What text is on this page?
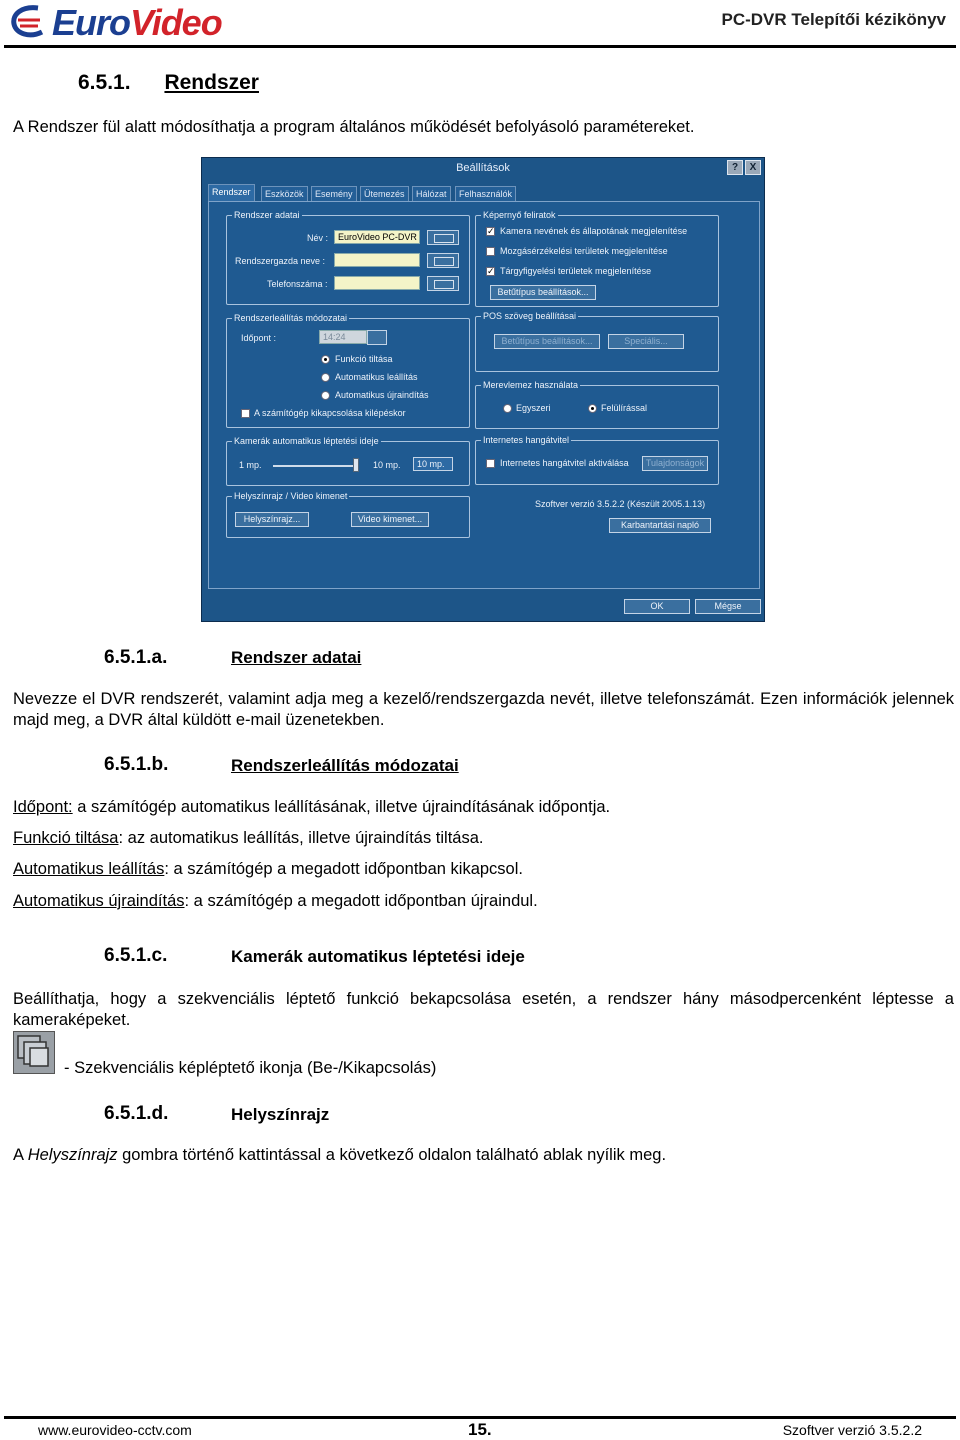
EuroVideo	PC-DVR Telepítői kézikönyv
6.5.1. Rendszer
A Rendszer fül alatt módosíthatja a program általános működését befolyásoló paramétereket.
Beállítások	?	X
Rendszer	Eszközök	Esemény	Ütemezés	Hálózat	Felhasználók
Rendszer adatai
Név :	EuroVideo PC-DVR
Rendszergazda neve :
Telefonszáma :
Rendszerleállítás módozatai
Időpont :	14:24
Funkció tiltása
Automatikus leállítás
Automatikus újraindítás
A számítógép kikapcsolása kilépéskor
Kamerák automatikus léptetési ideje
1 mp.	10 mp.	10 mp.
Helyszínrajz / Video kimenet
Helyszínrajz...	Video kimenet...
Képernyő feliratok
✓ Kamera nevének és állapotának megjelenítése
Mozgásérzékelési területek megjelenítése
✓ Tárgyfigyelési területek megjelenítése
Betűtípus beállítások...
POS szöveg beállításai
Betűtípus beállítások...	Speciális...
Merevlemez használata
Egyszeri	Felülírással
Internetes hangátvitel
Internetes hangátvitel aktiválása	Tulajdonságok
Szoftver verzió 3.5.2.2 (Készült 2005.1.13)
Karbantartási napló
OK	Mégse
6.5.1.a.	Rendszer adatai
Nevezze el DVR rendszerét, valamint adja meg a kezelő/rendszergazda nevét, illetve telefonszámát. Ezen információk jelennek majd meg, a DVR által küldött e-mail üzenetekben.
6.5.1.b.	Rendszerleállítás módozatai
Időpont: a számítógép automatikus leállításának, illetve újraindításának időpontja.
Funkció tiltása: az automatikus leállítás, illetve újraindítás tiltása.
Automatikus leállítás: a számítógép a megadott időpontban kikapcsol.
Automatikus újraindítás: a számítógép a megadott időpontban újraindul.
6.5.1.c.	Kamerák automatikus léptetési ideje
Beállíthatja, hogy a szekvenciális léptető funkció bekapcsolása esetén, a rendszer hány másodpercenként léptesse a kameraképeket.
- Szekvenciális képléptető ikonja (Be-/Kikapcsolás)
6.5.1.d.	Helyszínrajz
A Helyszínrajz gombra történő kattintással a következő oldalon található ablak nyílik meg.
www.eurovideo-cctv.com	15.	Szoftver verzió 3.5.2.2
